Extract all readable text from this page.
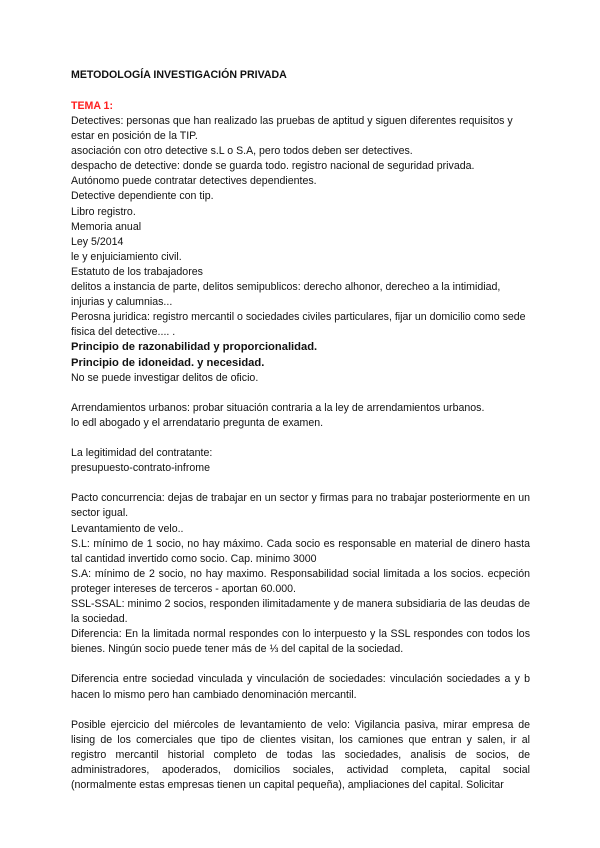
METODOLOGÍA INVESTIGACIÓN PRIVADA

TEMA 1:

Detectives: personas que han realizado las pruebas de aptitud y siguen diferentes requisitos y estar en posición de la TIP.
asociación con otro detective s.L o S.A, pero todos deben ser detectives.
despacho de detective: donde se guarda todo. registro nacional de seguridad privada.
Autónomo puede contratar detectives dependientes.
Detective dependiente con tip.
Libro registro.
Memoria anual
Ley 5/2014
le y enjuiciamiento civil.
Estatuto de los trabajadores
delitos a instancia de parte, delitos semipublicos: derecho alhonor, derecheo a la intimidiad, injurias y calumnias...
Perosna juridica: registro mercantil o sociedades civiles particulares, fijar un domicilio como sede fisica del detective.... .
Principio de razonabilidad y proporcionalidad.
Principio de idoneidad. y necesidad.
No se puede investigar delitos de oficio.
Arrendamientos urbanos: probar situación contraria a la ley de arrendamientos urbanos.
lo edl abogado y el arrendatario pregunta de examen.
La legitimidad del contratante:
presupuesto-contrato-infrome
Pacto concurrencia: dejas de trabajar en un sector y firmas para no trabajar posteriormente en un sector igual.
Levantamiento de velo..
S.L: mínimo de 1 socio, no hay máximo. Cada socio es responsable en material de dinero hasta tal cantidad invertido como socio. Cap. minimo 3000
S.A: mínimo de 2 socio, no hay maximo. Responsabilidad social limitada a los socios. ecpeción proteger intereses de terceros - aportan 60.000.
SSL-SSAL: minimo 2 socios, responden ilimitadamente y de manera subsidiaria de las deudas de la sociedad.
Diferencia: En la limitada normal respondes con lo interpuesto y la SSL respondes con todos los bienes. Ningún socio puede tener más de ⅓ del capital de la sociedad.

Diferencia entre sociedad vinculada y vinculación de sociedades: vinculación sociedades a y b hacen lo mismo pero han cambiado denominación mercantil.

Posible ejercicio del miércoles de levantamiento de velo: Vigilancia pasiva, mirar empresa de lising de los comerciales que tipo de clientes visitan, los camiones que entran y salen, ir al registro mercantil historial completo de todas las sociedades, analisis de socios, de administradores, apoderados, domicilios sociales, actividad completa, capital social (normalmente estas empresas tienen un capital pequeña), ampliaciones del capital. Solicitar
